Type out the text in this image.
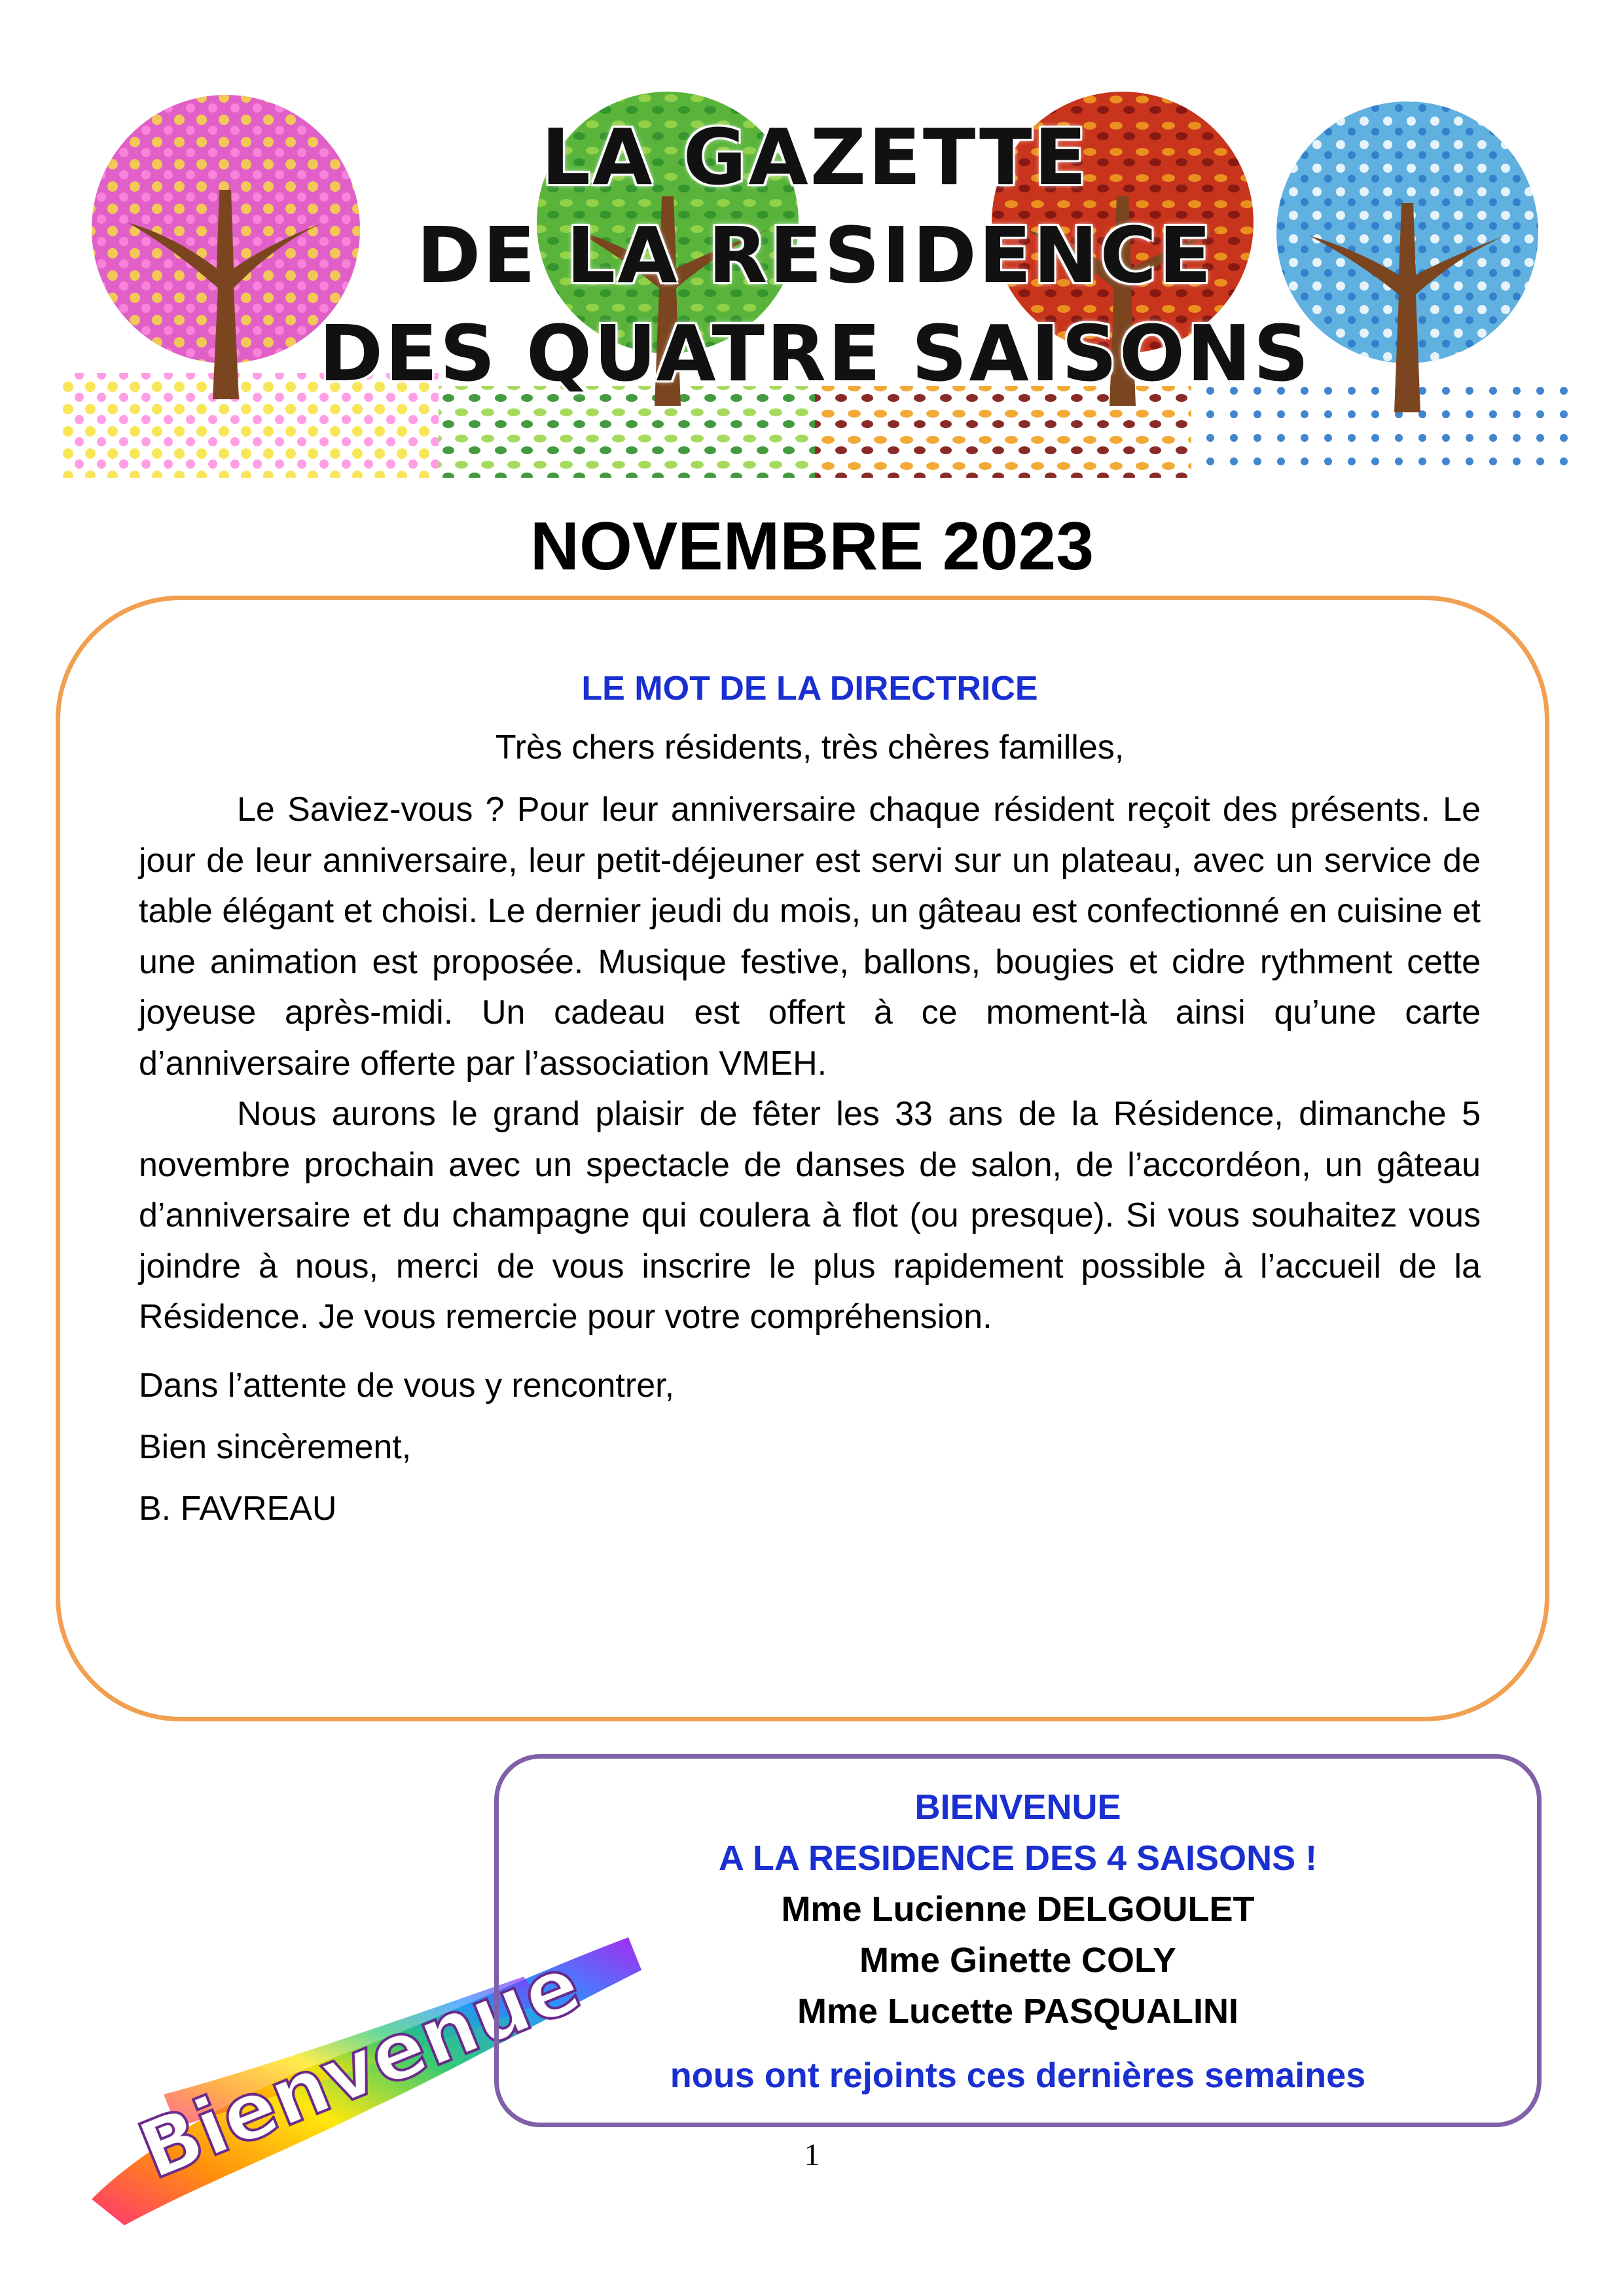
LA GAZETTE
DE LA RESIDENCE
DES QUATRE SAISONS
NOVEMBRE 2023
LE MOT DE LA DIRECTRICE
Très chers résidents, très chères familles,

Le Saviez-vous ? Pour leur anniversaire chaque résident reçoit des présents. Le jour de leur anniversaire, leur petit-déjeuner est servi sur un plateau, avec un service de table élégant et choisi. Le dernier jeudi du mois, un gâteau est confectionné en cuisine et une animation est proposée. Musique festive, ballons, bougies et cidre rythment cette joyeuse après-midi. Un cadeau est offert à ce moment-là ainsi qu’une carte d’anniversaire offerte par l’association VMEH.

Nous aurons le grand plaisir de fêter les 33 ans de la Résidence, dimanche 5 novembre prochain avec un spectacle de danses de salon, de l’accordéon, un gâteau d’anniversaire et du champagne qui coulera à flot (ou presque). Si vous souhaitez vous joindre à nous, merci de vous inscrire le plus rapidement possible à l’accueil de la Résidence. Je vous remercie pour votre compréhension.

Dans l’attente de vous y rencontrer,

Bien sincèrement,

B. FAVREAU

Bienvenue
BIENVENUE
A LA RESIDENCE DES 4 SAISONS !
Mme Lucienne DELGOULET
Mme Ginette COLY
Mme Lucette PASQUALINI
nous ont rejoints ces dernières semaines
1
